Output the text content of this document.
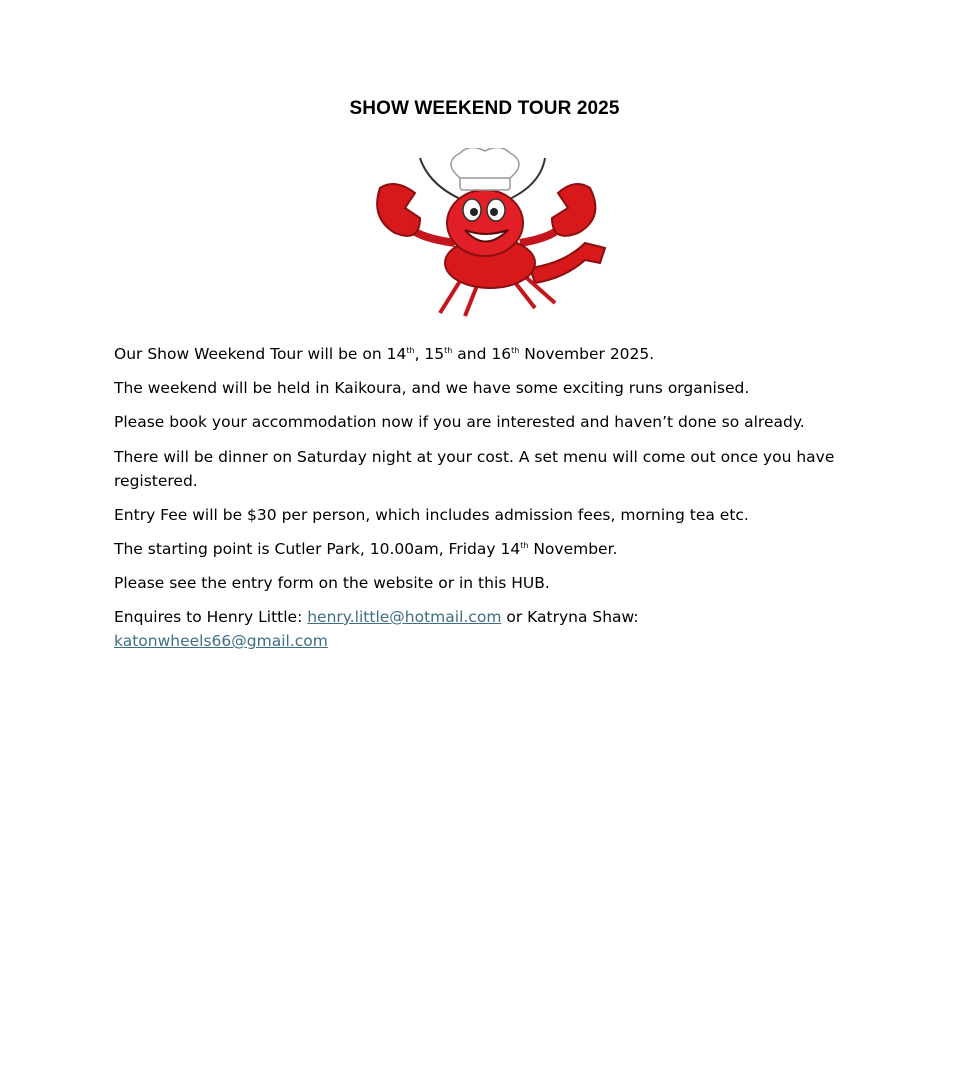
SHOW WEEKEND TOUR 2025
Our Show Weekend Tour will be on 14th, 15th and 16th November 2025.
The weekend will be held in Kaikoura, and we have some exciting runs organised.
Please book your accommodation now if you are interested and haven’t done so already.
There will be dinner on Saturday night at your cost. A set menu will come out once you have registered.
Entry Fee will be $30 per person, which includes admission fees, morning tea etc.
The starting point is Cutler Park, 10.00am, Friday 14th November.
Please see the entry form on the website or in this HUB.
Enquires to Henry Little: henry.little@hotmail.com or Katryna Shaw:
katonwheels66@gmail.com
